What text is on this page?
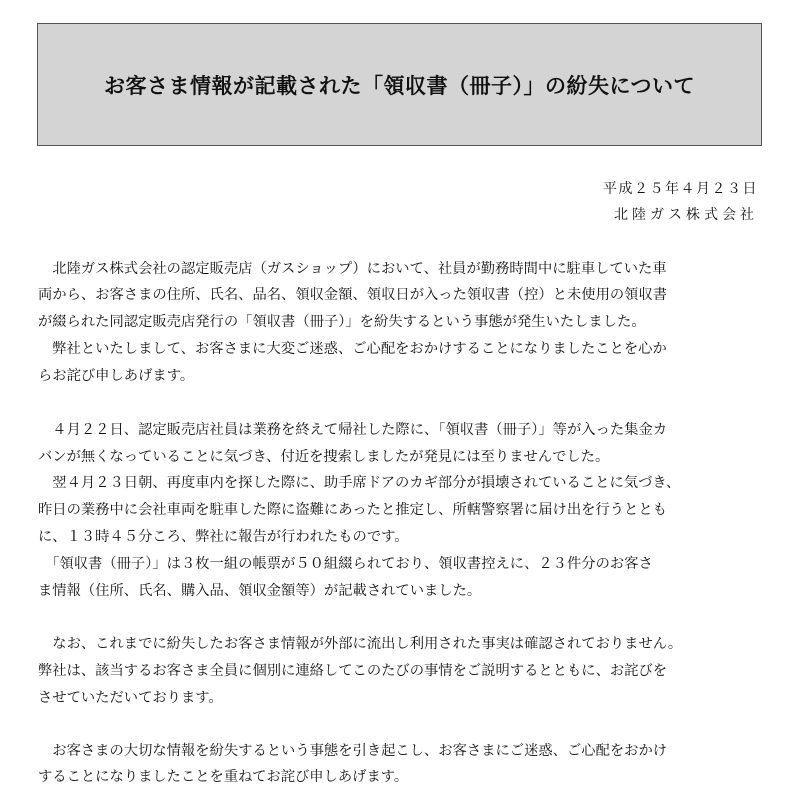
お客さま情報が記載された「領収書（冊子）」の紛失について
平成２５年４月２３日
北陸ガス株式会社
　北陸ガス株式会社の認定販売店（ガスショップ）において、社員が勤務時間中に駐車していた車
両から、お客さまの住所、氏名、品名、領収金額、領収日が入った領収書（控）と未使用の領収書
が綴られた同認定販売店発行の「領収書（冊子）」を紛失するという事態が発生いたしました。
　弊社といたしまして、お客さまに大変ご迷惑、ご心配をおかけすることになりましたことを心か
らお詫び申しあげます。
　４月２２日、認定販売店社員は業務を終えて帰社した際に、「領収書（冊子）」等が入った集金カ
バンが無くなっていることに気づき、付近を捜索しましたが発見には至りませんでした。
　翌４月２３日朝、再度車内を探した際に、助手席ドアのカギ部分が損壊されていることに気づき、
昨日の業務中に会社車両を駐車した際に盗難にあったと推定し、所轄警察署に届け出を行うととも
に、１３時４５分ころ、弊社に報告が行われたものです。
　「領収書（冊子）」は３枚一組の帳票が５０組綴られており、領収書控えに、２３件分のお客さ
ま情報（住所、氏名、購入品、領収金額等）が記載されていました。
　なお、これまでに紛失したお客さま情報が外部に流出し利用された事実は確認されておりません。
弊社は、該当するお客さま全員に個別に連絡してこのたびの事情をご説明するとともに、お詫びを
させていただいております。
　お客さまの大切な情報を紛失するという事態を引き起こし、お客さまにご迷惑、ご心配をおかけ
することになりましたことを重ねてお詫び申しあげます。
